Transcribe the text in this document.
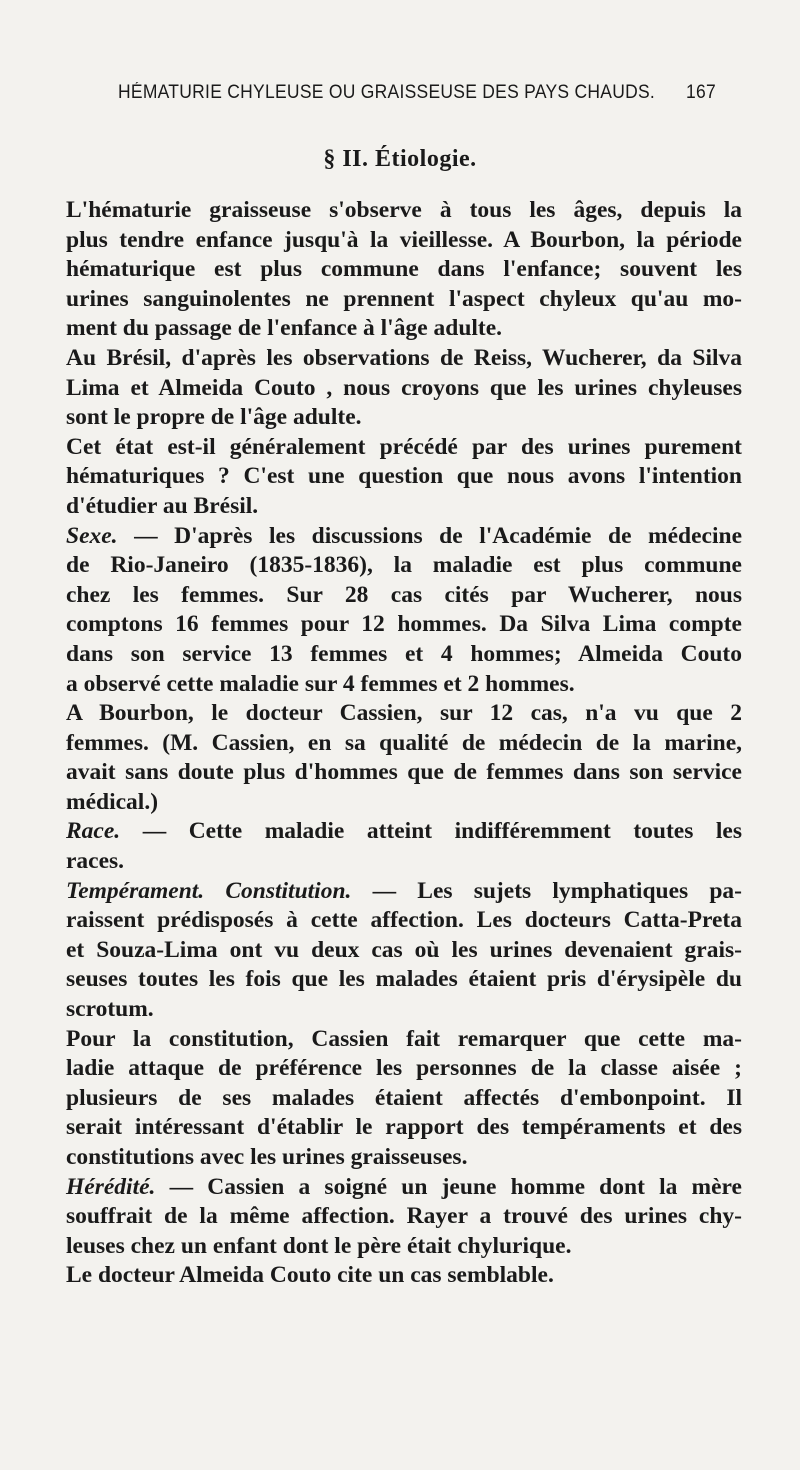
HÉMATURIE CHYLEUSE OU GRAISSEUSE DES PAYS CHAUDS. 167
§ II. Étiologie.
L'hématurie graisseuse s'observe à tous les âges, depuis la
plus tendre enfance jusqu'à la vieillesse. A Bourbon, la période
hématurique est plus commune dans l'enfance; souvent les
urines sanguinolentes ne prennent l'aspect chyleux qu'au mo-
ment du passage de l'enfance à l'âge adulte.
Au Brésil, d'après les observations de Reiss, Wucherer, da Silva
Lima et Almeida Couto , nous croyons que les urines chyleuses
sont le propre de l'âge adulte.
Cet état est-il généralement précédé par des urines purement
hématuriques ? C'est une question que nous avons l'intention
d'étudier au Brésil.
Sexe. — D'après les discussions de l'Académie de médecine
de Rio-Janeiro (1835-1836), la maladie est plus commune
chez les femmes. Sur 28 cas cités par Wucherer, nous
comptons 16 femmes pour 12 hommes. Da Silva Lima compte
dans son service 13 femmes et 4 hommes; Almeida Couto
a observé cette maladie sur 4 femmes et 2 hommes.
A Bourbon, le docteur Cassien, sur 12 cas, n'a vu que 2
femmes. (M. Cassien, en sa qualité de médecin de la marine,
avait sans doute plus d'hommes que de femmes dans son service
médical.)
Race. — Cette maladie atteint indifféremment toutes les
races.
Tempérament. Constitution. — Les sujets lymphatiques pa-
raissent prédisposés à cette affection. Les docteurs Catta-Preta
et Souza-Lima ont vu deux cas où les urines devenaient grais-
seuses toutes les fois que les malades étaient pris d'érysipèle du
scrotum.
Pour la constitution, Cassien fait remarquer que cette ma-
ladie attaque de préférence les personnes de la classe aisée ;
plusieurs de ses malades étaient affectés d'embonpoint. Il
serait intéressant d'établir le rapport des tempéraments et des
constitutions avec les urines graisseuses.
Hérédité. — Cassien a soigné un jeune homme dont la mère
souffrait de la même affection. Rayer a trouvé des urines chy-
leuses chez un enfant dont le père était chylurique.
Le docteur Almeida Couto cite un cas semblable.
